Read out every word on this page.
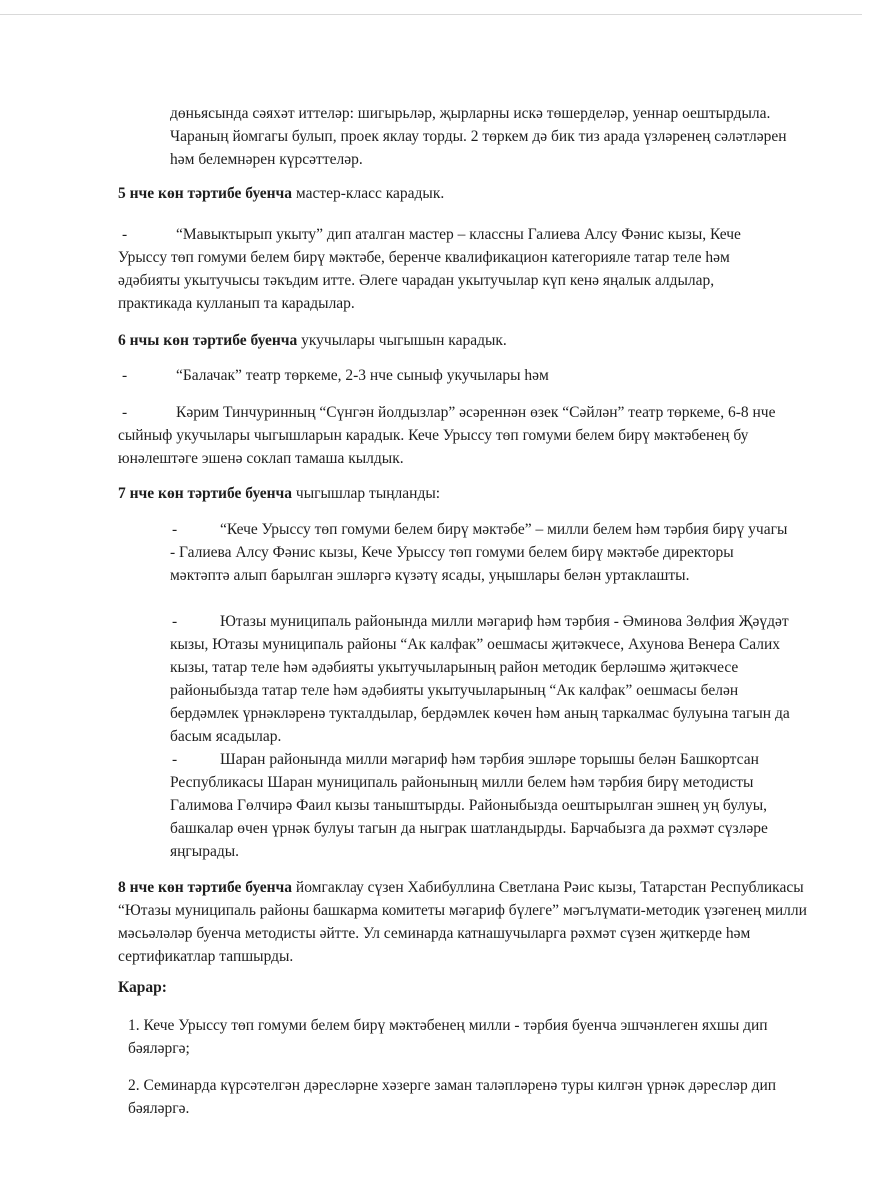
дөньясында сәяхәт иттеләр: шигырьләр, җырларны искә төшерделәр, уеннар оештырдыла. Чараның йомгагы булып, проек яклау торды. 2 төркем дә бик тиз арада үзләренең сәләтләрен һәм белемнәрен күрсәттеләр.

5 нче көн тәртибе буенча мастер-класс карадык.

-	“Мавыктырып укыту” дип аталган мастер – классны Галиева Алсу Фәнис кызы, Кече Урыссу төп гомуми белем бирү мәктәбе, беренче квалификацион категорияле татар теле һәм әдәбияты укытучысы тәкъдим итте. Әлеге чарадан укытучылар күп кенә яңалык алдылар, практикада кулланып та карадылар.

6 нчы көн тәртибе буенча укучылары чыгышын карадык.

-	“Балачак” театр төркеме, 2-3 нче сыныф укучылары һәм

-	Кәрим Тинчуринның “Сүнгән йолдызлар” әсәреннән өзек “Сәйлән” театр төркеме, 6-8 нче сыйныф укучылары чыгышларын карадык. Кече Урыссу төп гомуми белем бирү мәктәбенең бу юнәлештәге эшенә соклап тамаша кылдык.

7 нче көн тәртибе буенча чыгышлар тыңланды:

-	“Кече Урыссу төп гомуми белем бирү мәктәбе” – милли белем һәм тәрбия бирү учагы - Галиева Алсу Фәнис кызы, Кече Урыссу төп гомуми белем бирү мәктәбе директоры мәктәптә алып барылган эшләргә күзәтү ясады, уңышлары белән уртаклашты.

-	Ютазы муниципаль районында милли мәгариф һәм тәрбия - Әминова Зөлфия Җәүдәт кызы, Ютазы муниципаль районы “Ак калфак” оешмасы җитәкчесе, Ахунова Венера Салих кызы, татар теле һәм әдәбияты укытучыларының район методик берләшмә җитәкчесе районыбызда татар теле һәм әдәбияты укытучыларының “Ак калфак” оешмасы белән бердәмлек үрнәкләренә тукталдылар, бердәмлек көчен һәм аның таркалмас булуына тагын да басым ясадылар.

-	Шаран районында милли мәгариф һәм тәрбия эшләре торышы белән Башкортсан Республикасы Шаран муниципаль районының милли белем һәм тәрбия бирү методисты Галимова Гөлчирә Фаил кызы таныштырды. Районыбызда оештырылган эшнең уң булуы, башкалар өчен үрнәк булуы тагын да ныграк шатландырды. Барчабызга да рәхмәт сүзләре яңгырады.

8 нче көн тәртибе буенча йомгаклау сүзен Хабибуллина Светлана Рәис кызы, Татарстан Республикасы “Ютазы муниципаль районы башкарма комитеты мәгариф бүлеге” мәгълүмати-методик үзәгенең милли мәсьәләләр буенча методисты әйтте. Ул семинарда катнашучыларга рәхмәт сүзен җиткерде һәм сертификатлар тапшырды.

Карар:

1. Кече Урыссу төп гомуми белем бирү мәктәбенең милли - тәрбия буенча эшчәнлеген яхшы дип бәяләргә;

2. Семинарда күрсәтелгән дәресләрне хәзерге заман таләпләренә туры килгән үрнәк дәресләр дип бәяләргә.
